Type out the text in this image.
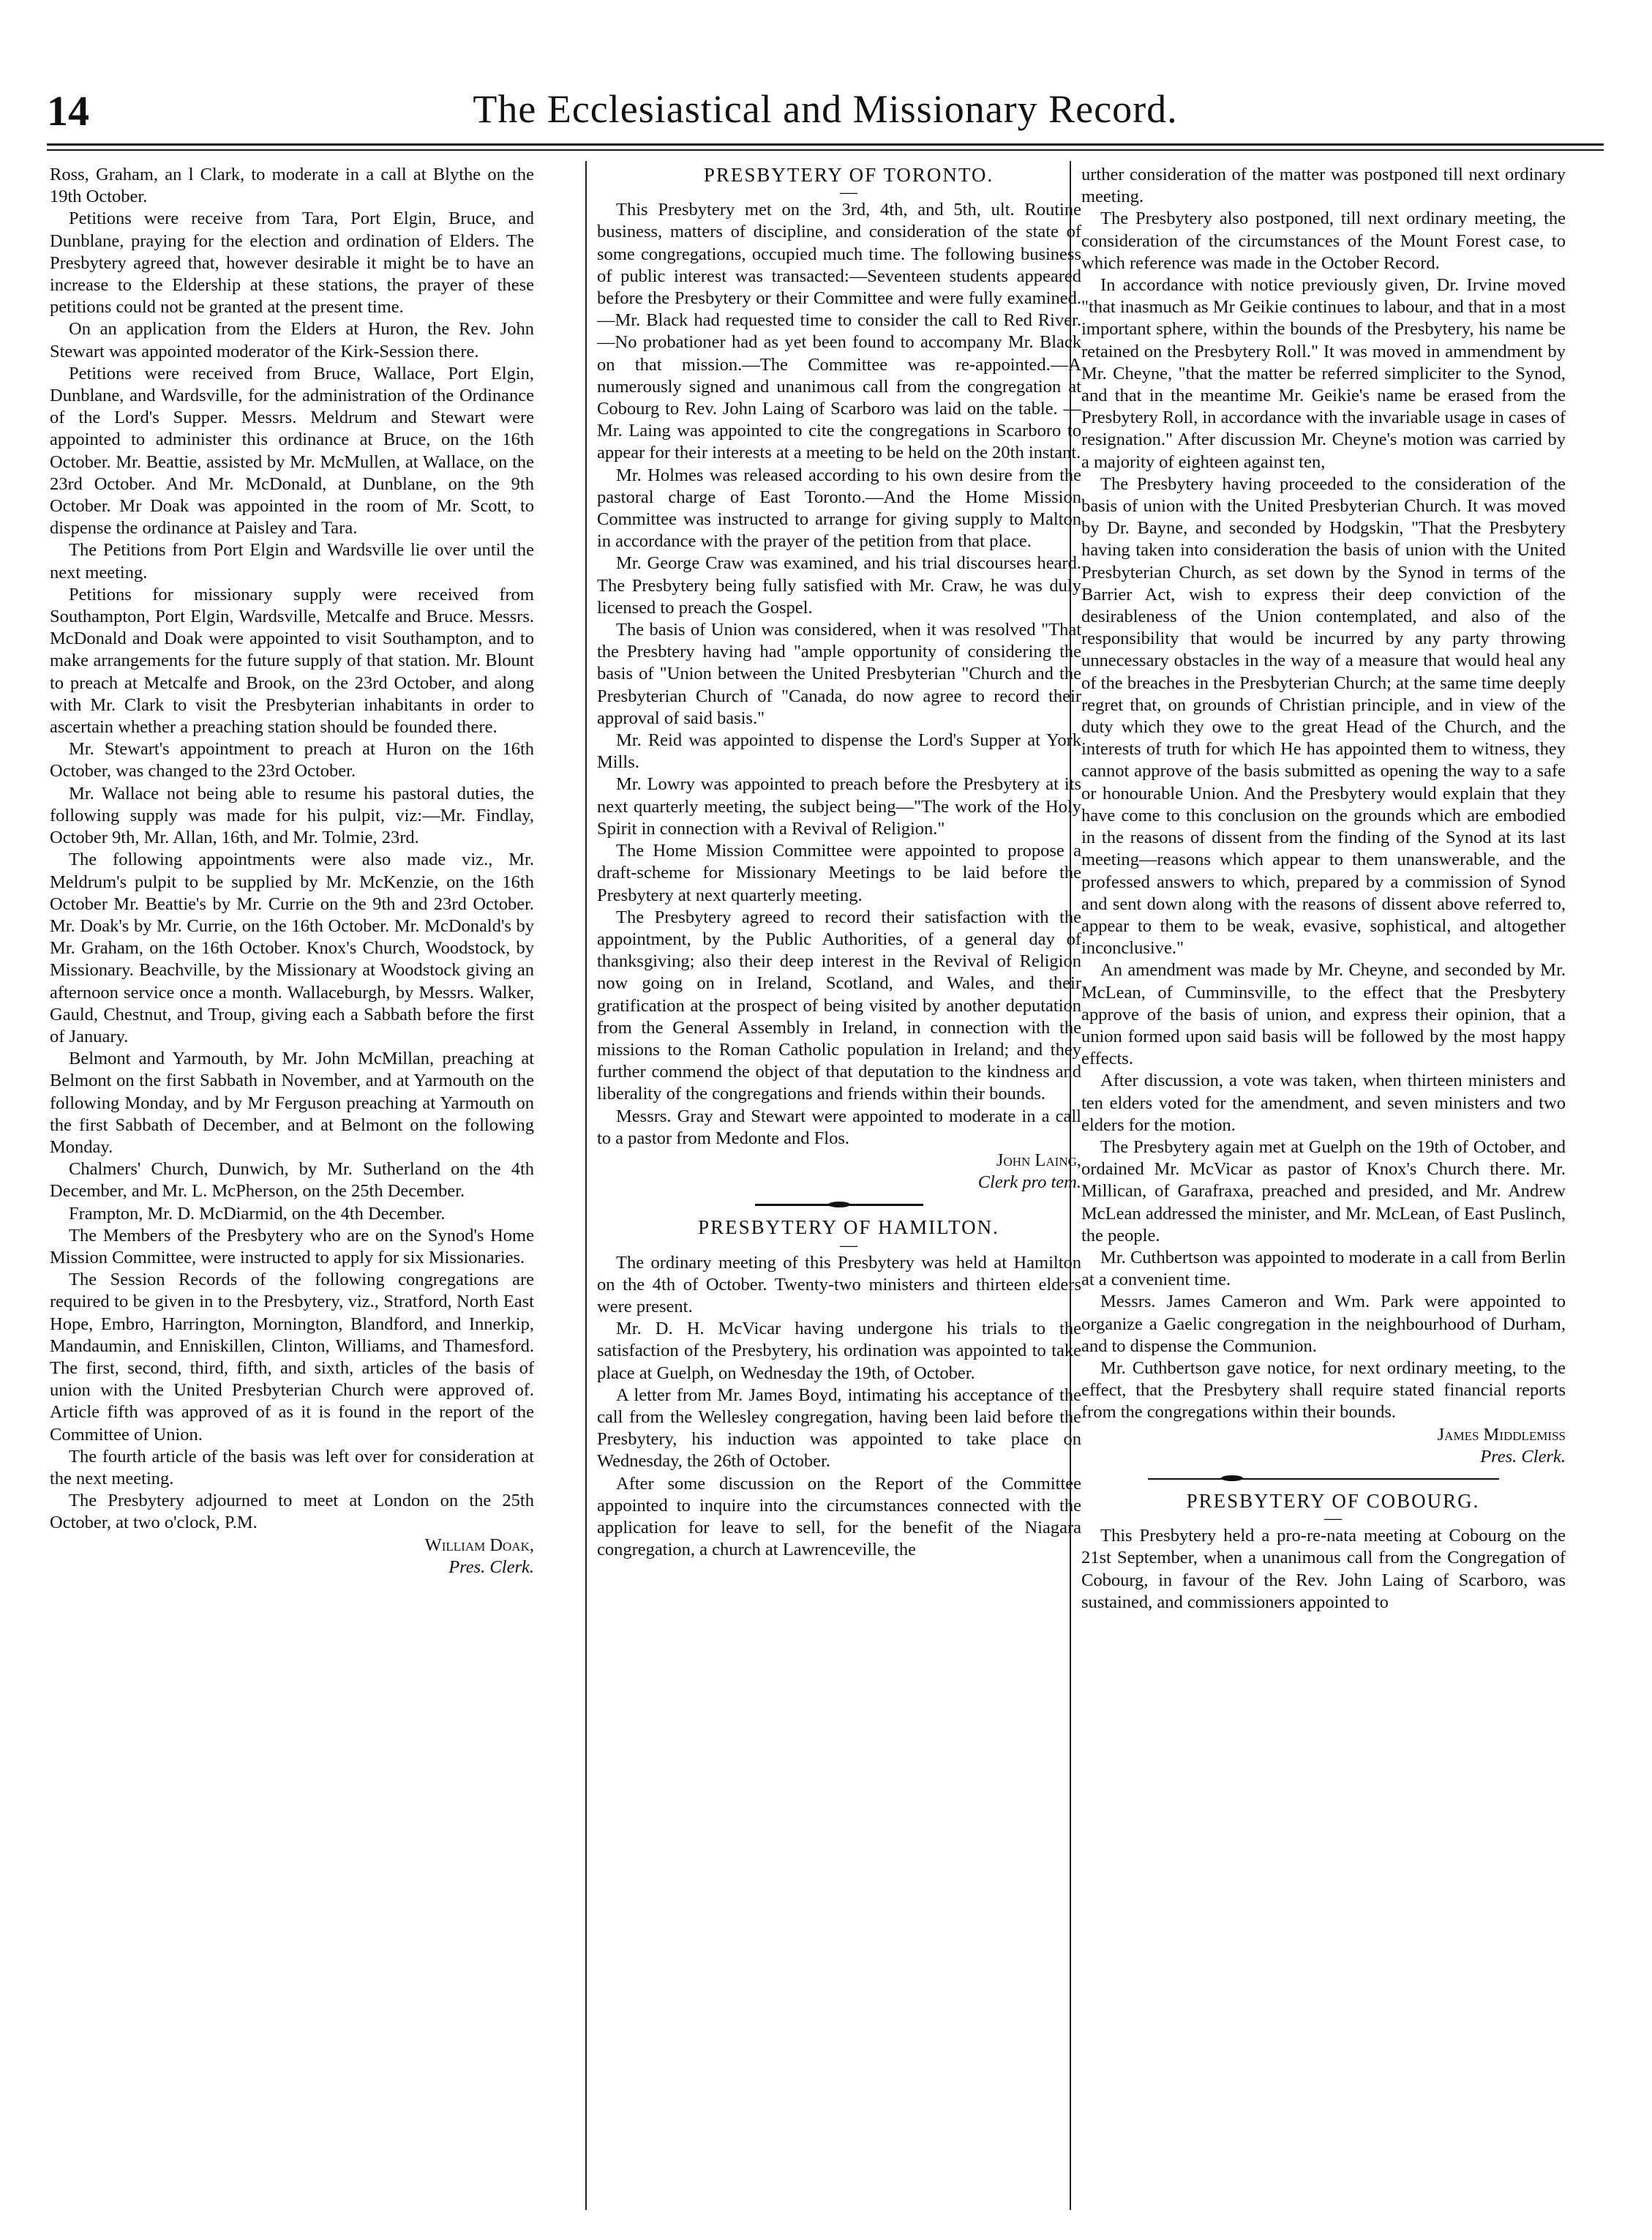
14	The Ecclesiastical and Missionary Record.

Ross, Graham, an l Clark, to moderate in a call at Blythe on the 19th October.

Petitions were receive from Tara, Port Elgin, Bruce, and Dunblane, praying for the election and ordination of Elders. The Presbytery agreed that, however desirable it might be to have an increase to the Eldership at these stations, the prayer of these petitions could not be granted at the present time.

On an application from the Elders at Huron, the Rev. John Stewart was appointed moderator of the Kirk-Session there.

Petitions were received from Bruce, Wallace, Port Elgin, Dunblane, and Wardsville, for the administration of the Ordinance of the Lord's Supper. Messrs. Meldrum and Stewart were appointed to administer this ordinance at Bruce, on the 16th October. Mr. Beattie, assisted by Mr. McMullen, at Wallace, on the 23rd October. And Mr. McDonald, at Dunblane, on the 9th October. Mr Doak was appointed in the room of Mr. Scott, to dispense the ordinance at Paisley and Tara.

The Petitions from Port Elgin and Wardsville lie over until the next meeting.

Petitions for missionary supply were received from Southampton, Port Elgin, Wardsville, Metcalfe and Bruce. Messrs. McDonald and Doak were appointed to visit Southampton, and to make arrangements for the future supply of that station. Mr. Blount to preach at Metcalfe and Brook, on the 23rd October, and along with Mr. Clark to visit the Presbyterian inhabitants in order to ascertain whether a preaching station should be founded there.

Mr. Stewart's appointment to preach at Huron on the 16th October, was changed to the 23rd October.

Mr. Wallace not being able to resume his pastoral duties, the following supply was made for his pulpit, viz:—Mr. Findlay, October 9th, Mr. Allan, 16th, and Mr. Tolmie, 23rd.

The following appointments were also made viz., Mr. Meldrum's pulpit to be supplied by Mr. McKenzie, on the 16th October Mr. Beattie's by Mr. Currie on the 9th and 23rd October. Mr. Doak's by Mr. Currie, on the 16th October. Mr. McDonald's by Mr. Graham, on the 16th October. Knox's Church, Woodstock, by Missionary. Beachville, by the Missionary at Woodstock giving an afternoon service once a month. Wallaceburgh, by Messrs. Walker, Gauld, Chestnut, and Troup, giving each a Sabbath before the first of January.

Belmont and Yarmouth, by Mr. John McMillan, preaching at Belmont on the first Sabbath in November, and at Yarmouth on the following Monday, and by Mr Ferguson preaching at Yarmouth on the first Sabbath of December, and at Belmont on the following Monday.

Chalmers' Church, Dunwich, by Mr. Sutherland on the 4th December, and Mr. L. McPherson, on the 25th December.

Frampton, Mr. D. McDiarmid, on the 4th December.

The Members of the Presbytery who are on the Synod's Home Mission Committee, were instructed to apply for six Missionaries.

The Session Records of the following congregations are required to be given in to the Presbytery, viz., Stratford, North East Hope, Embro, Harrington, Mornington, Blandford, and Innerkip, Mandaumin, and Enniskillen, Clinton, Williams, and Thamesford. The first, second, third, fifth, and sixth, articles of the basis of union with the United Presbyterian Church were approved of. Article fifth was approved of as it is found in the report of the Committee of Union.

The fourth article of the basis was left over for consideration at the next meeting.

The Presbytery adjourned to meet at London on the 25th October, at two o'clock, P.M.

William Doak,

Pres. Clerk.

PRESBYTERY OF TORONTO.

—

This Presbytery met on the 3rd, 4th, and 5th, ult. Routine business, matters of discipline, and consideration of the state of some congregations, occupied much time. The following business of public interest was transacted:—Seventeen students appeared before the Presbytery or their Committee and were fully examined.—Mr. Black had requested time to consider the call to Red River.—No probationer had as yet been found to accompany Mr. Black on that mission.—The Committee was re-appointed.—A numerously signed and unanimous call from the congregation at Cobourg to Rev. John Laing of Scarboro was laid on the table. —Mr. Laing was appointed to cite the congregations in Scarboro to appear for their interests at a meeting to be held on the 20th instant.

Mr. Holmes was released according to his own desire from the pastoral charge of East Toronto.—And the Home Mission Committee was instructed to arrange for giving supply to Malton in accordance with the prayer of the petition from that place.

Mr. George Craw was examined, and his trial discourses heard. The Presbytery being fully satisfied with Mr. Craw, he was duly licensed to preach the Gospel.

The basis of Union was considered, when it was resolved "That the Presbtery having had "ample opportunity of considering the basis of "Union between the United Presbyterian "Church and the Presbyterian Church of "Canada, do now agree to record their approval of said basis."

Mr. Reid was appointed to dispense the Lord's Supper at York Mills.

Mr. Lowry was appointed to preach before the Presbytery at its next quarterly meeting, the subject being—"The work of the Holy Spirit in connection with a Revival of Religion."

The Home Mission Committee were appointed to propose a draft-scheme for Missionary Meetings to be laid before the Presbytery at next quarterly meeting.

The Presbytery agreed to record their satisfaction with the appointment, by the Public Authorities, of a general day of thanksgiving; also their deep interest in the Revival of Religion now going on in Ireland, Scotland, and Wales, and their gratification at the prospect of being visited by another deputation from the General Assembly in Ireland, in connection with the missions to the Roman Catholic population in Ireland; and they further commend the object of that deputation to the kindness and liberality of the congregations and friends within their bounds.

Messrs. Gray and Stewart were appointed to moderate in a call to a pastor from Medonte and Flos.

John Laing,

Clerk pro tem.

PRESBYTERY OF HAMILTON.

—

The ordinary meeting of this Presbytery was held at Hamilton on the 4th of October. Twenty-two ministers and thirteen elders were present.

Mr. D. H. McVicar having undergone his trials to the satisfaction of the Presbytery, his ordination was appointed to take place at Guelph, on Wednesday the 19th, of October.

A letter from Mr. James Boyd, intimating his acceptance of the call from the Wellesley congregation, having been laid before the Presbytery, his induction was appointed to take place on Wednesday, the 26th of October.

After some discussion on the Report of the Committee appointed to inquire into the circumstances connected with the application for leave to sell, for the benefit of the Niagara congregation, a church at Lawrenceville, the

urther consideration of the matter was postponed till next ordinary meeting.

The Presbytery also postponed, till next ordinary meeting, the consideration of the circumstances of the Mount Forest case, to which reference was made in the October Record.

In accordance with notice previously given, Dr. Irvine moved "that inasmuch as Mr Geikie continues to labour, and that in a most important sphere, within the bounds of the Presbytery, his name be retained on the Presbytery Roll." It was moved in ammendment by Mr. Cheyne, "that the matter be referred simpliciter to the Synod, and that in the meantime Mr. Geikie's name be erased from the Presbytery Roll, in accordance with the invariable usage in cases of resignation." After discussion Mr. Cheyne's motion was carried by a majority of eighteen against ten,

The Presbytery having proceeded to the consideration of the basis of union with the United Presbyterian Church. It was moved by Dr. Bayne, and seconded by Hodgskin, "That the Presbytery having taken into consideration the basis of union with the United Presbyterian Church, as set down by the Synod in terms of the Barrier Act, wish to express their deep conviction of the desirableness of the Union contemplated, and also of the responsibility that would be incurred by any party throwing unnecessary obstacles in the way of a measure that would heal any of the breaches in the Presbyterian Church; at the same time deeply regret that, on grounds of Christian principle, and in view of the duty which they owe to the great Head of the Church, and the interests of truth for which He has appointed them to witness, they cannot approve of the basis submitted as opening the way to a safe or honourable Union. And the Presbytery would explain that they have come to this conclusion on the grounds which are embodied in the reasons of dissent from the finding of the Synod at its last meeting—reasons which appear to them unanswerable, and the professed answers to which, prepared by a commission of Synod and sent down along with the reasons of dissent above referred to, appear to them to be weak, evasive, sophistical, and altogether inconclusive."

An amendment was made by Mr. Cheyne, and seconded by Mr. McLean, of Cumminsville, to the effect that the Presbytery approve of the basis of union, and express their opinion, that a union formed upon said basis will be followed by the most happy effects.

After discussion, a vote was taken, when thirteen ministers and ten elders voted for the amendment, and seven ministers and two elders for the motion.

The Presbytery again met at Guelph on the 19th of October, and ordained Mr. McVicar as pastor of Knox's Church there. Mr. Millican, of Garafraxa, preached and presided, and Mr. Andrew McLean addressed the minister, and Mr. McLean, of East Puslinch, the people.

Mr. Cuthbertson was appointed to moderate in a call from Berlin at a convenient time.

Messrs. James Cameron and Wm. Park were appointed to organize a Gaelic congregation in the neighbourhood of Durham, and to dispense the Communion.

Mr. Cuthbertson gave notice, for next ordinary meeting, to the effect, that the Presbytery shall require stated financial reports from the congregations within their bounds.

James Middlemiss

Pres. Clerk.

PRESBYTERY OF COBOURG.

—

This Presbytery held a pro-re-nata meeting at Cobourg on the 21st September, when a unanimous call from the Congregation of Cobourg, in favour of the Rev. John Laing of Scarboro, was sustained, and commissioners appointed to
